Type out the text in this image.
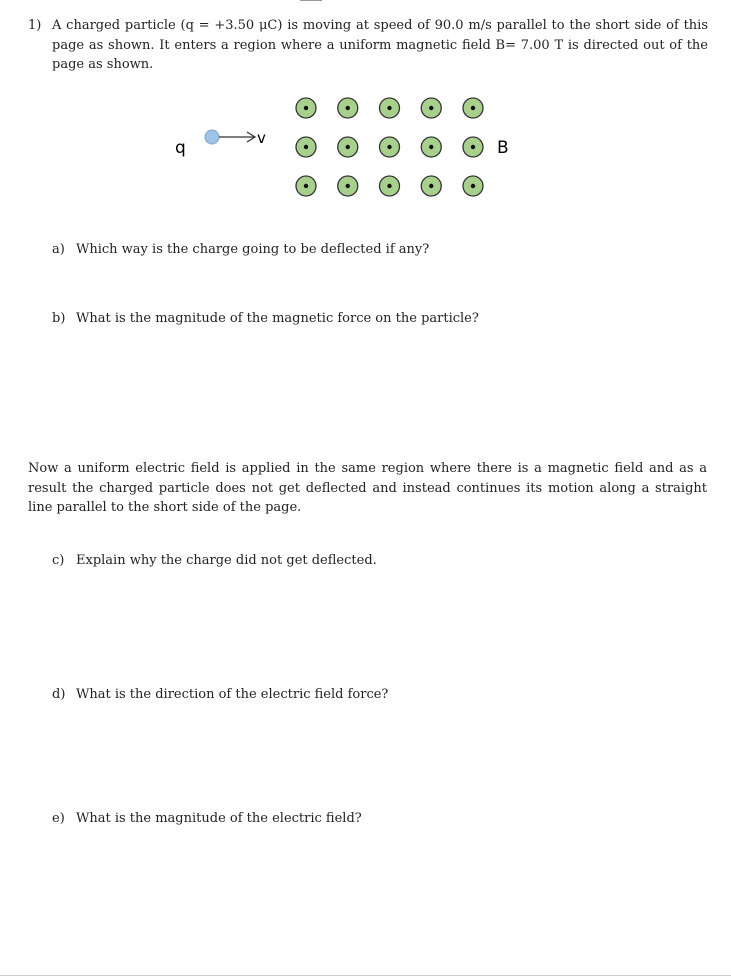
1) A charged particle (q = +3.50 μC) is moving at speed of 90.0 m/s parallel to the short side of this page as shown. It enters a region where a uniform magnetic field B= 7.00 T is directed out of the page as shown.
q	v	B
a) Which way is the charge going to be deflected if any?
b) What is the magnitude of the magnetic force on the particle?
Now a uniform electric field is applied in the same region where there is a magnetic field and as a result the charged particle does not get deflected and instead continues its motion along a straight line parallel to the short side of the page.
c) Explain why the charge did not get deflected.
d) What is the direction of the electric field force?
e) What is the magnitude of the electric field?
